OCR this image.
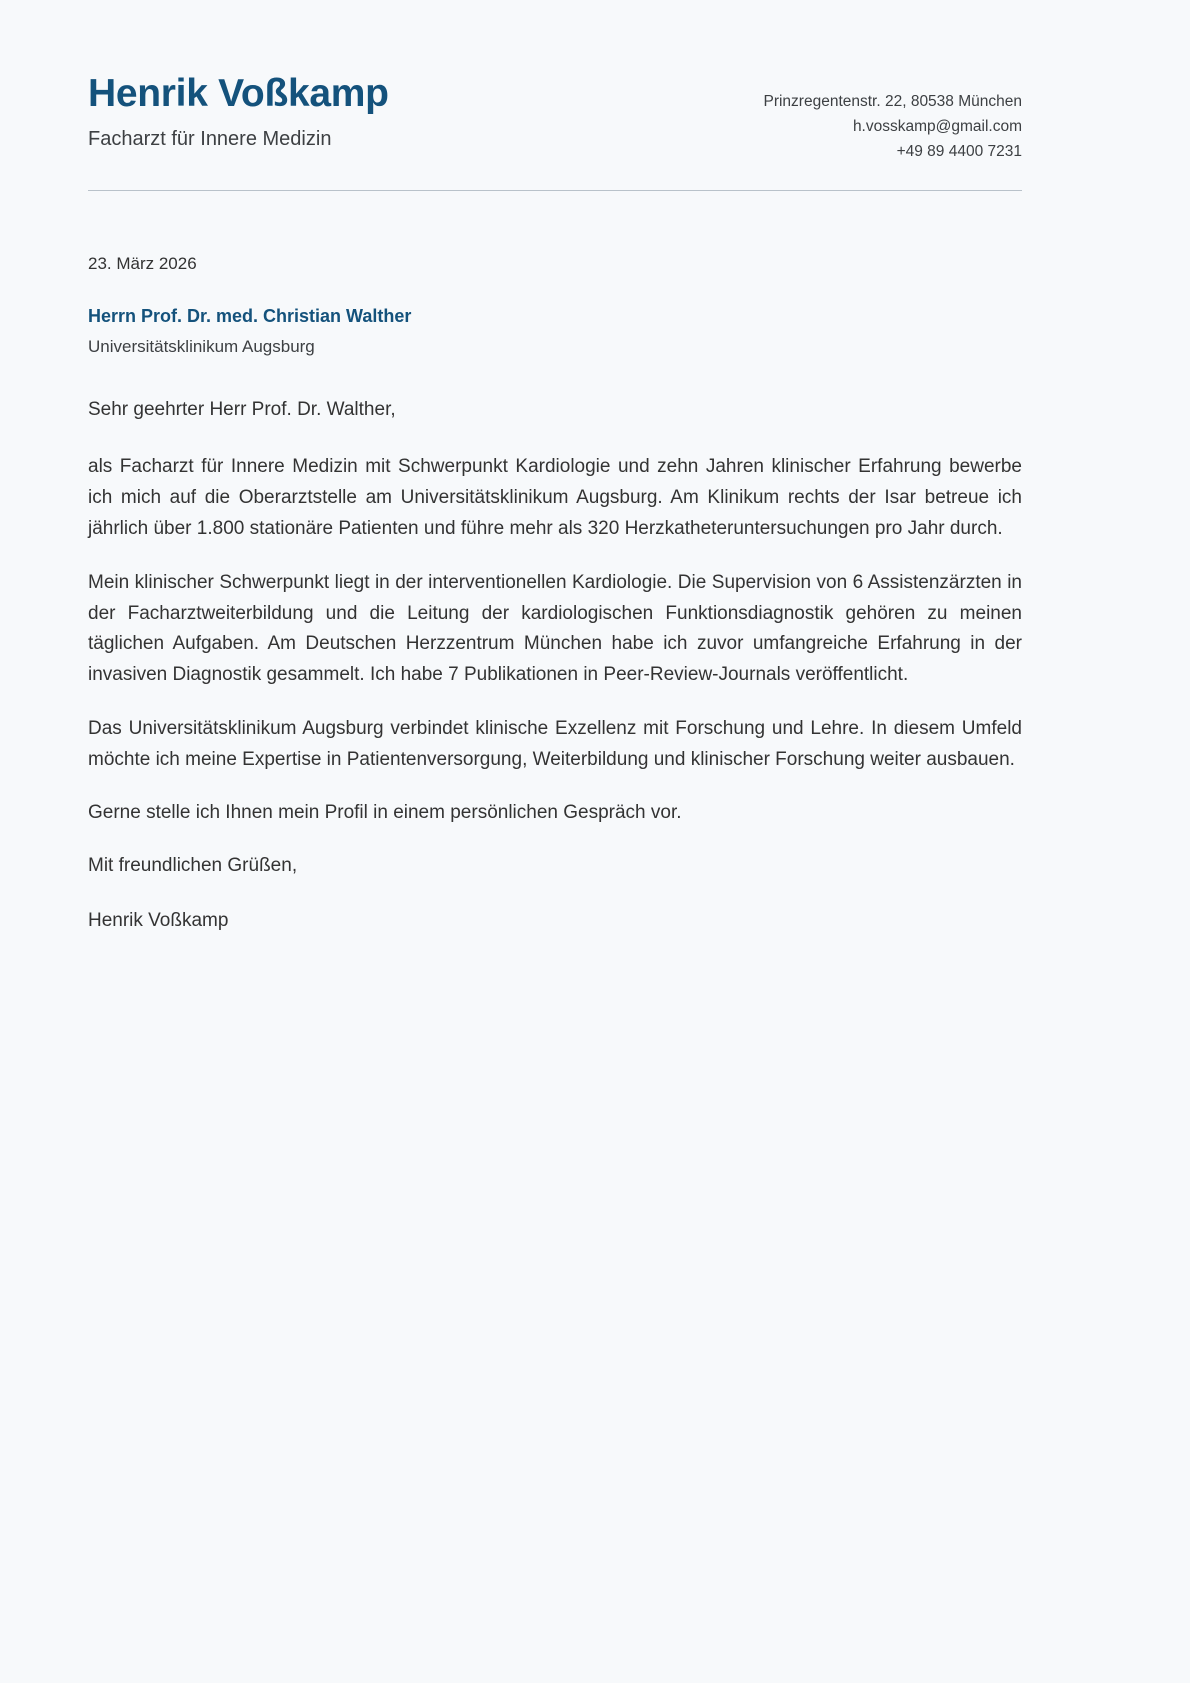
Henrik Voßkamp

Facharzt für Innere Medizin

Prinzregentenstr. 22, 80538 München
h.vosskamp@gmail.com
+49 89 4400 7231

23. März 2026

Herrn Prof. Dr. med. Christian Walther

Universitätsklinikum Augsburg

Sehr geehrter Herr Prof. Dr. Walther,

als Facharzt für Innere Medizin mit Schwerpunkt Kardiologie und zehn Jahren klinischer Erfahrung bewerbe ich mich auf die Oberarztstelle am Universitätsklinikum Augsburg. Am Klinikum rechts der Isar betreue ich jährlich über 1.800 stationäre Patienten und führe mehr als 320 Herzkatheteruntersuchungen pro Jahr durch.

Mein klinischer Schwerpunkt liegt in der interventionellen Kardiologie. Die Supervision von 6 Assistenzärzten in der Facharztweiterbildung und die Leitung der kardiologischen Funktionsdiagnostik gehören zu meinen täglichen Aufgaben. Am Deutschen Herzzentrum München habe ich zuvor umfangreiche Erfahrung in der invasiven Diagnostik gesammelt. Ich habe 7 Publikationen in Peer-Review-Journals veröffentlicht.

Das Universitätsklinikum Augsburg verbindet klinische Exzellenz mit Forschung und Lehre. In diesem Umfeld möchte ich meine Expertise in Patientenversorgung, Weiterbildung und klinischer Forschung weiter ausbauen.

Gerne stelle ich Ihnen mein Profil in einem persönlichen Gespräch vor.

Mit freundlichen Grüßen,

Henrik Voßkamp
